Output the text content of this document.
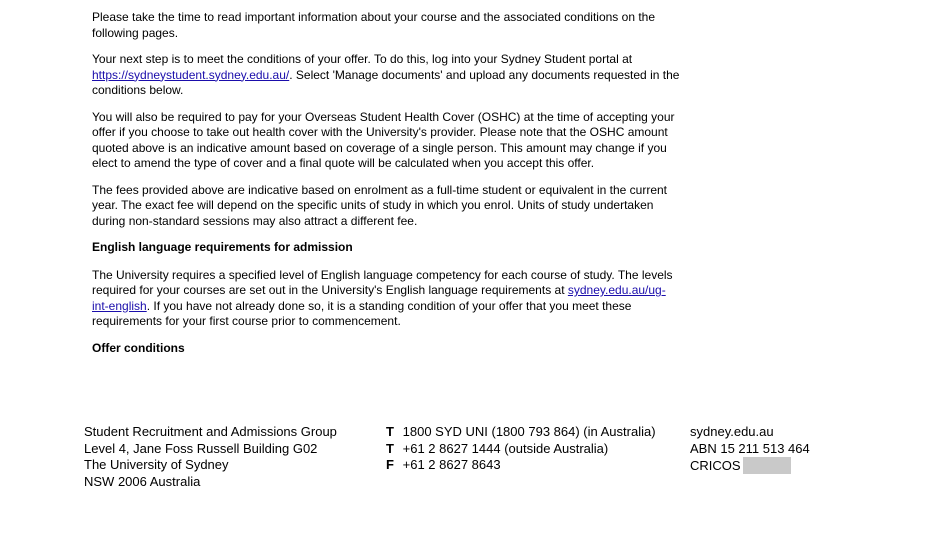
Please take the time to read important information about your course and the associated conditions on the following pages.

Your next step is to meet the conditions of your offer. To do this, log into your Sydney Student portal at https://sydneystudent.sydney.edu.au/. Select 'Manage documents' and upload any documents requested in the conditions below.

You will also be required to pay for your Overseas Student Health Cover (OSHC) at the time of accepting your offer if you choose to take out health cover with the University's provider. Please note that the OSHC amount quoted above is an indicative amount based on coverage of a single person. This amount may change if you elect to amend the type of cover and a final quote will be calculated when you accept this offer.

The fees provided above are indicative based on enrolment as a full-time student or equivalent in the current year. The exact fee will depend on the specific units of study in which you enrol. Units of study undertaken during non-standard sessions may also attract a different fee.

English language requirements for admission

The University requires a specified level of English language competency for each course of study. The levels required for your courses are set out in the University's English language requirements at sydney.edu.au/ug-int-english. If you have not already done so, it is a standing condition of your offer that you meet these requirements for your first course prior to commencement.

Offer conditions
Student Recruitment and Admissions Group
Level 4, Jane Foss Russell Building G02
The University of Sydney
NSW 2006 Australia
T 1800 SYD UNI (1800 793 864) (in Australia)
T +61 2 8627 1444 (outside Australia)
F +61 2 8627 8643
sydney.edu.au
ABN 15 211 513 464
CRICOS
